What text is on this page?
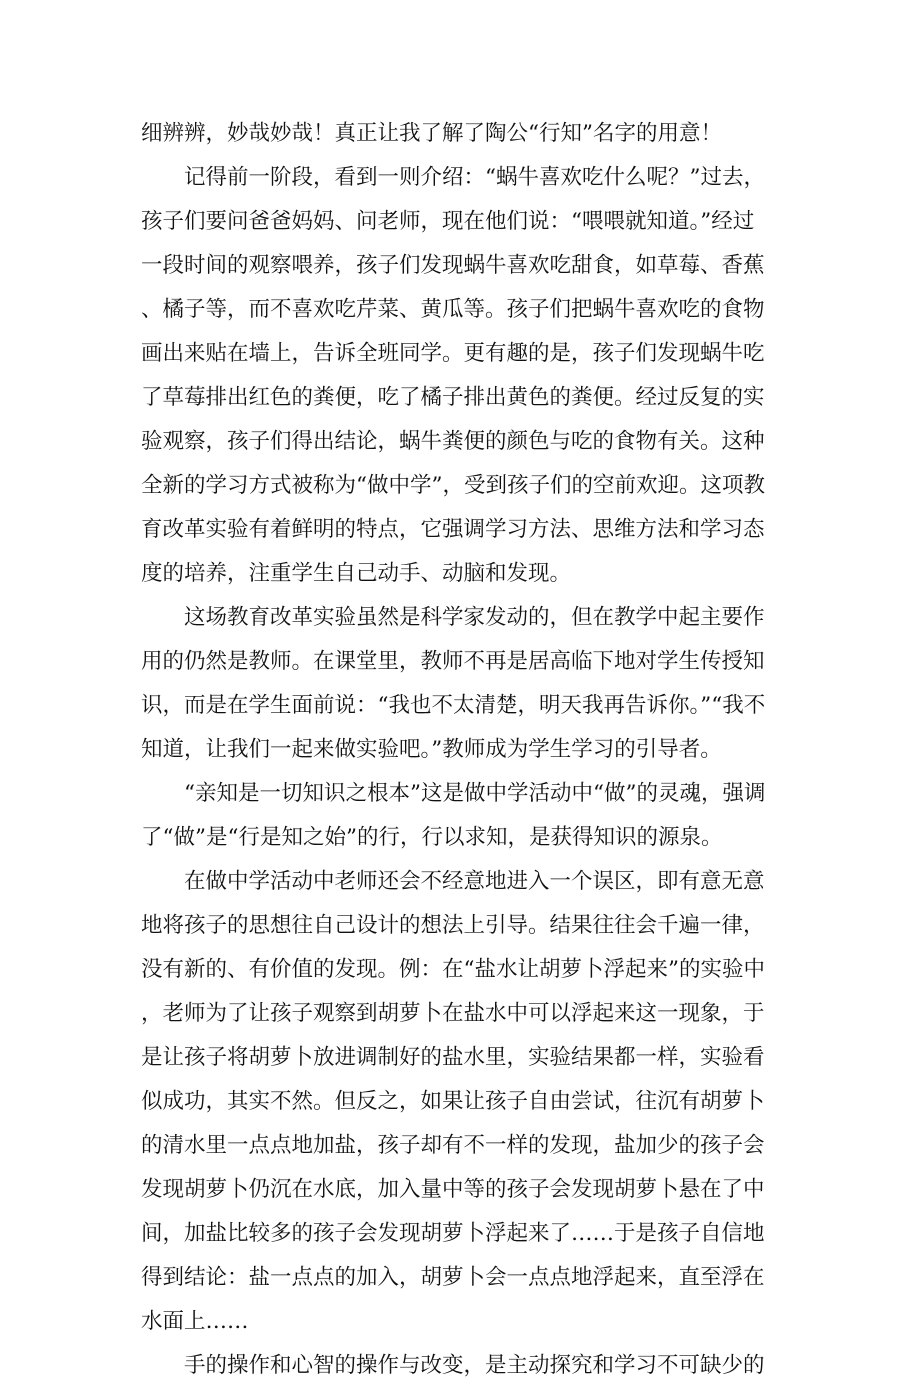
细辨辨，妙哉妙哉！真正让我了解了陶公“行知”名字的用意！
记得前一阶段，看到一则介绍：“蜗牛喜欢吃什么呢？”过去，
孩子们要问爸爸妈妈、问老师，现在他们说：“喂喂就知道。”经过
一段时间的观察喂养，孩子们发现蜗牛喜欢吃甜食，如草莓、香蕉
、橘子等，而不喜欢吃芹菜、黄瓜等。孩子们把蜗牛喜欢吃的食物
画出来贴在墙上，告诉全班同学。更有趣的是，孩子们发现蜗牛吃
了草莓排出红色的粪便，吃了橘子排出黄色的粪便。经过反复的实
验观察，孩子们得出结论，蜗牛粪便的颜色与吃的食物有关。这种
全新的学习方式被称为“做中学”，受到孩子们的空前欢迎。这项教
育改革实验有着鲜明的特点，它强调学习方法、思维方法和学习态
度的培养，注重学生自己动手、动脑和发现。
这场教育改革实验虽然是科学家发动的，但在教学中起主要作
用的仍然是教师。在课堂里，教师不再是居高临下地对学生传授知
识，而是在学生面前说：“我也不太清楚，明天我再告诉你。”“我不
知道，让我们一起来做实验吧。”教师成为学生学习的引导者。
“亲知是一切知识之根本”这是做中学活动中“做”的灵魂，强调
了“做”是“行是知之始”的行，行以求知，是获得知识的源泉。
在做中学活动中老师还会不经意地进入一个误区，即有意无意
地将孩子的思想往自己设计的想法上引导。结果往往会千遍一律，
没有新的、有价值的发现。例：在“盐水让胡萝卜浮起来”的实验中
，老师为了让孩子观察到胡萝卜在盐水中可以浮起来这一现象，于
是让孩子将胡萝卜放进调制好的盐水里，实验结果都一样，实验看
似成功，其实不然。但反之，如果让孩子自由尝试，往沉有胡萝卜
的清水里一点点地加盐，孩子却有不一样的发现，盐加少的孩子会
发现胡萝卜仍沉在水底，加入量中等的孩子会发现胡萝卜悬在了中
间，加盐比较多的孩子会发现胡萝卜浮起来了……于是孩子自信地
得到结论：盐一点点的加入，胡萝卜会一点点地浮起来，直至浮在
水面上……
手的操作和心智的操作与改变，是主动探究和学习不可缺少的
